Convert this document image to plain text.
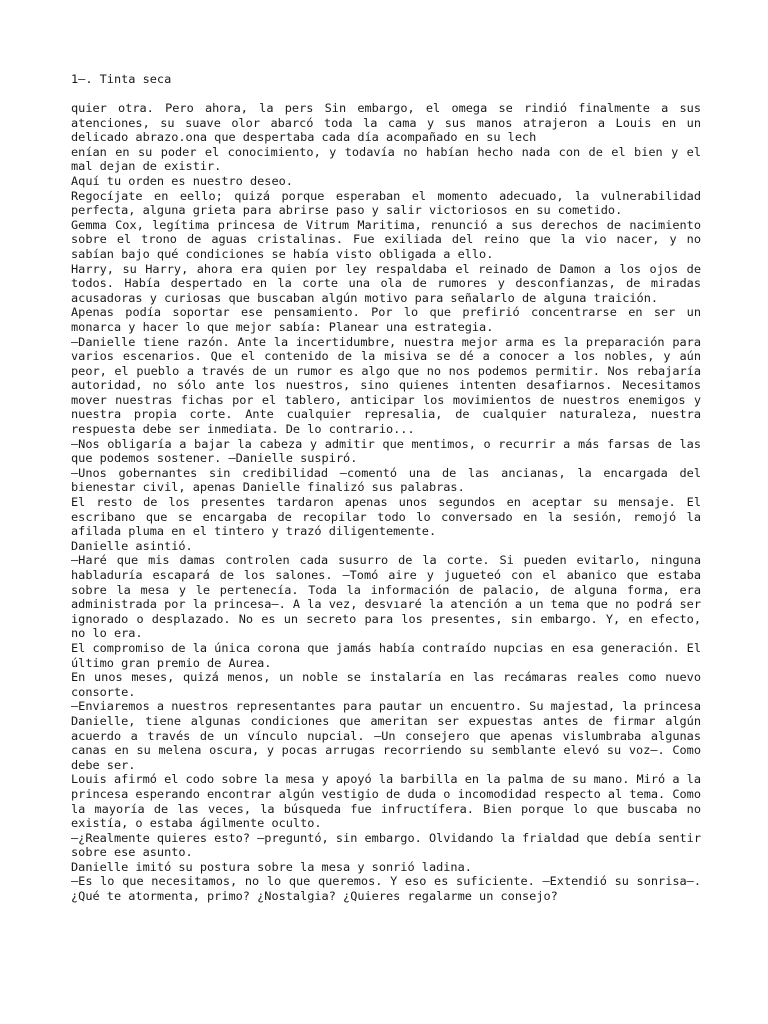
1—. Tinta seca

quier otra. Pero ahora, la pers Sin embargo, el omega se rindió finalmente a sus atenciones, su suave olor abarcó toda la cama y sus manos atrajeron a Louis en un delicado abrazo.ona que despertaba cada día acompañado en su lech

enían en su poder el conocimiento, y todavía no habían hecho nada con de el bien y el mal dejan de existir.

Aquí tu orden es nuestro deseo.

Regocíjate en eello; quizá porque esperaban el momento adecuado, la vulnerabilidad perfecta, alguna grieta para abrirse paso y salir victoriosos en su cometido.

Gemma Cox, legítima princesa de Vitrum Maritima, renunció a sus derechos de nacimiento sobre el trono de aguas cristalinas. Fue exiliada del reino que la vio nacer, y no sabían bajo qué condiciones se había visto obligada a ello.

Harry, su Harry, ahora era quien por ley respaldaba el reinado de Damon a los ojos de todos. Había despertado en la corte una ola de rumores y desconfianzas, de miradas acusadoras y curiosas que buscaban algún motivo para señalarlo de alguna traición.

Apenas podía soportar ese pensamiento. Por lo que prefirió concentrarse en ser un monarca y hacer lo que mejor sabía: Planear una estrategia.

—Danielle tiene razón. Ante la incertidumbre, nuestra mejor arma es la preparación para varios escenarios. Que el contenido de la misiva se dé a conocer a los nobles, y aún peor, el pueblo a través de un rumor es algo que no nos podemos permitir. Nos rebajaría autoridad, no sólo ante los nuestros, sino quienes intenten desafiarnos. Necesitamos mover nuestras fichas por el tablero, anticipar los movimientos de nuestros enemigos y nuestra propia corte. Ante cualquier represalia, de cualquier naturaleza, nuestra respuesta debe ser inmediata. De lo contrario...

—Nos obligaría a bajar la cabeza y admitir que mentimos, o recurrir a más farsas de las que podemos sostener. —Danielle suspiró.

—Unos gobernantes sin credibilidad —comentó una de las ancianas, la encargada del bienestar civil, apenas Danielle finalizó sus palabras.

El resto de los presentes tardaron apenas unos segundos en aceptar su mensaje. El escribano que se encargaba de recopilar todo lo conversado en la sesión, remojó la afilada pluma en el tintero y trazó diligentemente.

Danielle asintió.

—Haré que mis damas controlen cada susurro de la corte. Si pueden evitarlo, ninguna habladuría escapará de los salones. —Tomó aire y jugueteó con el abanico que estaba sobre la mesa y le pertenecía. Toda la información de palacio, de alguna forma, era administrada por la princesa—. A la vez, desvıaré la atención a un tema que no podrá ser ignorado o desplazado. No es un secreto para los presentes, sin embargo. Y, en efecto, no lo era.

El compromiso de la única corona que jamás había contraído nupcias en esa generación. El último gran premio de Aurea.

En unos meses, quizá menos, un noble se instalaría en las recámaras reales como nuevo consorte.

—Enviaremos a nuestros representantes para pautar un encuentro. Su majestad, la princesa Danielle, tiene algunas condiciones que ameritan ser expuestas antes de firmar algún acuerdo a través de un vínculo nupcial. —Un consejero que apenas vislumbraba algunas canas en su melena oscura, y pocas arrugas recorriendo su semblante elevó su voz—. Como debe ser.

Louis afirmó el codo sobre la mesa y apoyó la barbilla en la palma de su mano. Miró a la princesa esperando encontrar algún vestigio de duda o incomodidad respecto al tema. Como la mayoría de las veces, la búsqueda fue infructífera. Bien porque lo que buscaba no existía, o estaba ágilmente oculto.

—¿Realmente quieres esto? —preguntó, sin embargo. Olvidando la frialdad que debía sentir sobre ese asunto.

Danielle imitó su postura sobre la mesa y sonrió ladina.

—Es lo que necesitamos, no lo que queremos. Y eso es suficiente. —Extendió su sonrisa—. ¿Qué te atormenta, primo? ¿Nostalgia? ¿Quieres regalarme un consejo?
